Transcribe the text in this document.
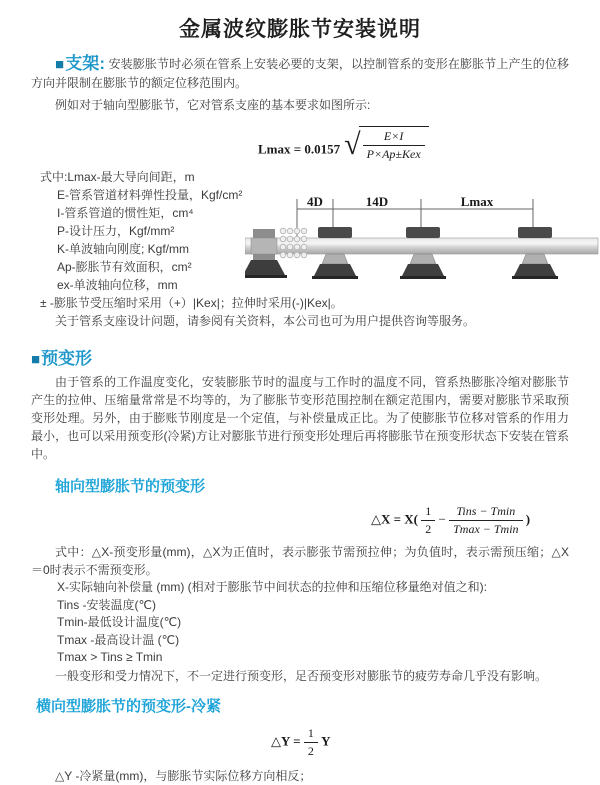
金属波纹膨胀节安装说明

■支架: 安装膨胀节时必须在管系上安装必要的支架，以控制管系的变形在膨胀节上产生的位移方向并限制在膨胀节的额定位移范围内。

例如对于轴向型膨胀节，它对管系支座的基本要求如图所示:

Lmax = 0.0157 √ $\frac{E\times I}{\text{P×Ap±Kex}}$
式中:Lmax-最大导向间距，m
E-管系管道材料弹性投量，Kgf/cm²
I-管系管道的惯性矩，cm⁴
P-设计压力，Kgf/mm²
K-单波轴向刚度; Kgf/mm
Ap-膨胀节有效面积，cm²
ex-单波轴向位移，mm
4D	14D	Lmax
± -膨胀节受压缩时采用（+）|Kex|；拉伸时采用(-)|Kex|。
关于管系支座设计问题，请参阅有关资料，本公司也可为用户提供咨询等服务。
■预变形

由于管系的工作温度变化，安装膨胀节时的温度与工作时的温度不同，管系热膨胀冷缩对膨胀节产生的拉伸、压缩量常常是不均等的，为了膨胀节变形范围控制在额定范围内，需要对膨胀节采取预变形处理。另外，由于膨账节刚度是一个定值，与补偿量成正比。为了使膨胀节位移对管系的作用力最小，也可以采用预变形(冷紧)方让对膨胀节进行预变形处理后再将膨胀节在预变形状态下安装在管系中。

轴向型膨胀节的预变形
△X = $X( \frac{1}{2} - \frac{\text{Tins − Tmin}}{Tmax - Tmin}$ )

式中：△X-预变形量(mm)，△X为正值时，表示膨张节需预拉伸；为负值时，表示需预压缩；△X＝0时表示不需预变形。

X-实际轴向补偿量 (mm) (相对于膨胀节中间状态的拉伸和压缩位移量绝对值之和):
Tins -安装温度(℃)
Tmin-最低设计温度(℃)
Tmax -最高设计温 (℃)
Tmax > Tins ≥ Tmin
一般变形和受力情况下，不一定进行预变形，足否预变形对膨胀节的疲劳寿命几乎没有影响。
横向型膨胀节的预变形-冷紧
△Y = $\frac{1}{2}$ Y
△Y -冷紧量(mm)，与膨胀节实际位移方向相反；
